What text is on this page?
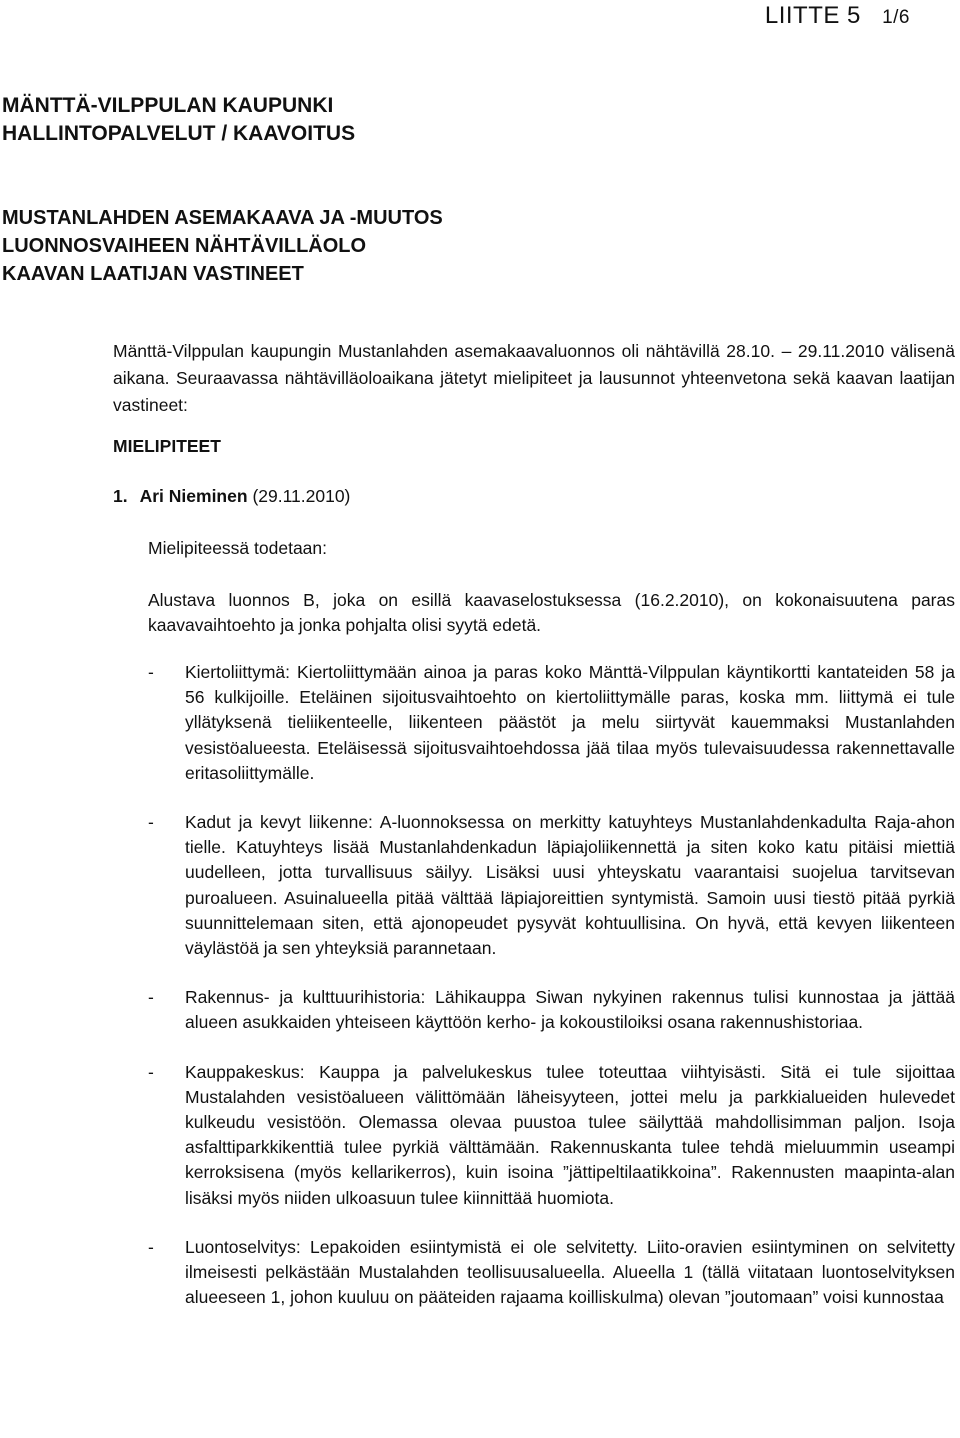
LIITTE 5 1/6
MÄNTTÄ-VILPPULAN KAUPUNKI
HALLINTOPALVELUT / KAAVOITUS
MUSTANLAHDEN ASEMAKAAVA JA -MUUTOS
LUONNOSVAIHEEN NÄHTÄVILLÄOLO
KAAVAN LAATIJAN VASTINEET

Mänttä-Vilppulan kaupungin Mustanlahden asemakaavaluonnos oli nähtävillä 28.10. – 29.11.2010 välisenä aikana. Seuraavassa nähtävilläoloaikana jätetyt mielipiteet ja lausunnot yhteenvetona sekä kaavan laatijan vastineet:

MIELIPITEET
1. Ari Nieminen (29.11.2010)
Mielipiteessä todetaan:

Alustava luonnos B, joka on esillä kaavaselostuksessa (16.2.2010), on kokonaisuutena paras kaavavaihtoehto ja jonka pohjalta olisi syytä edetä.

- Kiertoliittymä: Kiertoliittymään ainoa ja paras koko Mänttä-Vilppulan käyntikortti kantateiden 58 ja 56 kulkijoille. Eteläinen sijoitusvaihtoehto on kiertoliittymälle paras, koska mm. liittymä ei tule yllätyksenä tieliikenteelle, liikenteen päästöt ja melu siirtyvät kauemmaksi Mustanlahden vesistöalueesta. Eteläisessä sijoitusvaihtoehdossa jää tilaa myös tulevaisuudessa rakennettavalle eritasoliittymälle.
- Kadut ja kevyt liikenne: A-luonnoksessa on merkitty katuyhteys Mustanlahdenkadulta Raja-ahon tielle. Katuyhteys lisää Mustanlahdenkadun läpiajoliikennettä ja siten koko katu pitäisi miettiä uudelleen, jotta turvallisuus säilyy. Lisäksi uusi yhteyskatu vaarantaisi suojelua tarvitsevan puroalueen. Asuinalueella pitää välttää läpiajoreittien syntymistä. Samoin uusi tiestö pitää pyrkiä suunnittelemaan siten, että ajonopeudet pysyvät kohtuullisina. On hyvä, että kevyen liikenteen väylästöä ja sen yhteyksiä parannetaan.
- Rakennus- ja kulttuurihistoria: Lähikauppa Siwan nykyinen rakennus tulisi kunnostaa ja jättää alueen asukkaiden yhteiseen käyttöön kerho- ja kokoustiloiksi osana rakennushistoriaa.
- Kauppakeskus: Kauppa ja palvelukeskus tulee toteuttaa viihtyisästi. Sitä ei tule sijoittaa Mustalahden vesistöalueen välittömään läheisyyteen, jottei melu ja parkkialueiden hulevedet kulkeudu vesistöön. Olemassa olevaa puustoa tulee säilyttää mahdollisimman paljon. Isoja asfalttiparkkikenttiä tulee pyrkiä välttämään. Rakennuskanta tulee tehdä mieluummin useampi kerroksisena (myös kellarikerros), kuin isoina ”jättipeltilaatikkoina”. Rakennusten maapinta-alan lisäksi myös niiden ulkoasuun tulee kiinnittää huomiota.
- Luontoselvitys: Lepakoiden esiintymistä ei ole selvitetty. Liito-oravien esiintyminen on selvitetty ilmeisesti pelkästään Mustalahden teollisuusalueella. Alueella 1 (tällä viitataan luontoselvityksen alueeseen 1, johon kuuluu on pääteiden rajaama koilliskulma) olevan ”joutomaan” voisi kunnostaa
